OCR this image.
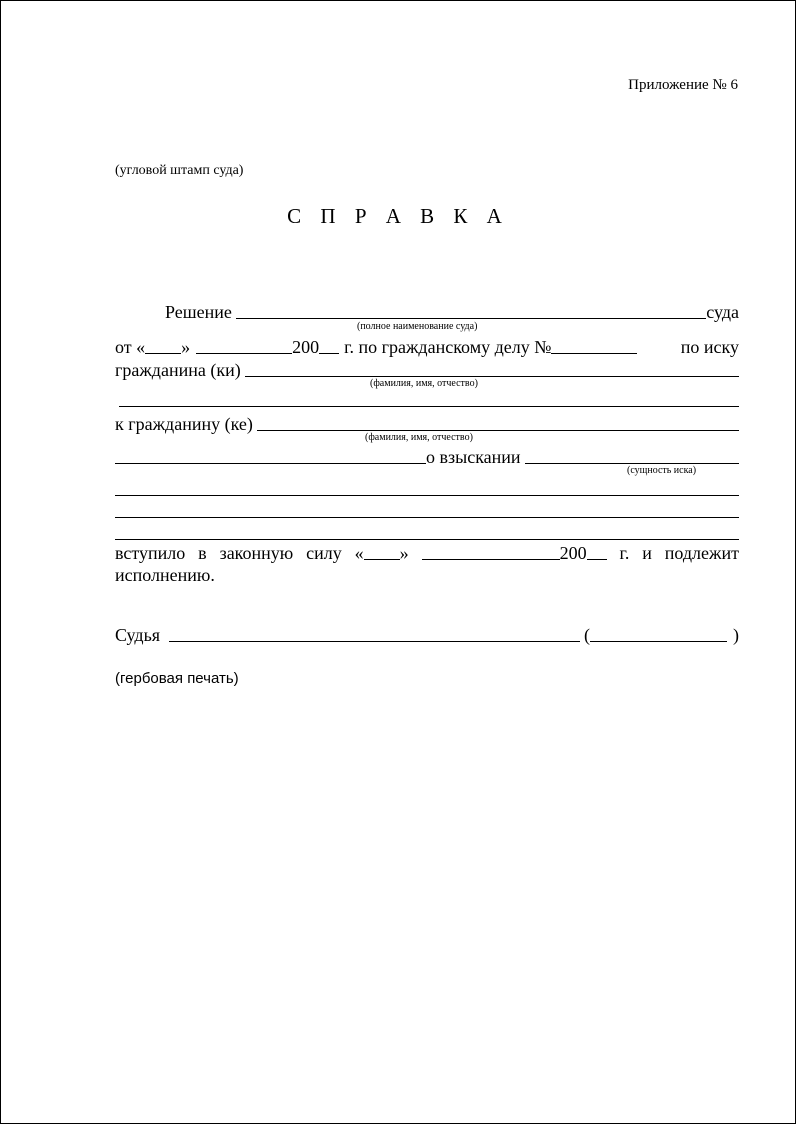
Приложение № 6
(угловой штамп суда)
С П Р А В К А
Решение	суда
(полное наименование суда)
от « »	200 г. по гражданскому делу №	по иску
гражданина (ки)
(фамилия, имя, отчество)
к гражданину (ке)
(фамилия, имя, отчество)
о взыскании
(сущность иска)
вступило в законную силу « »	200 г. и подлежит
исполнению.
Судья	(	)
(гербовая печать)
